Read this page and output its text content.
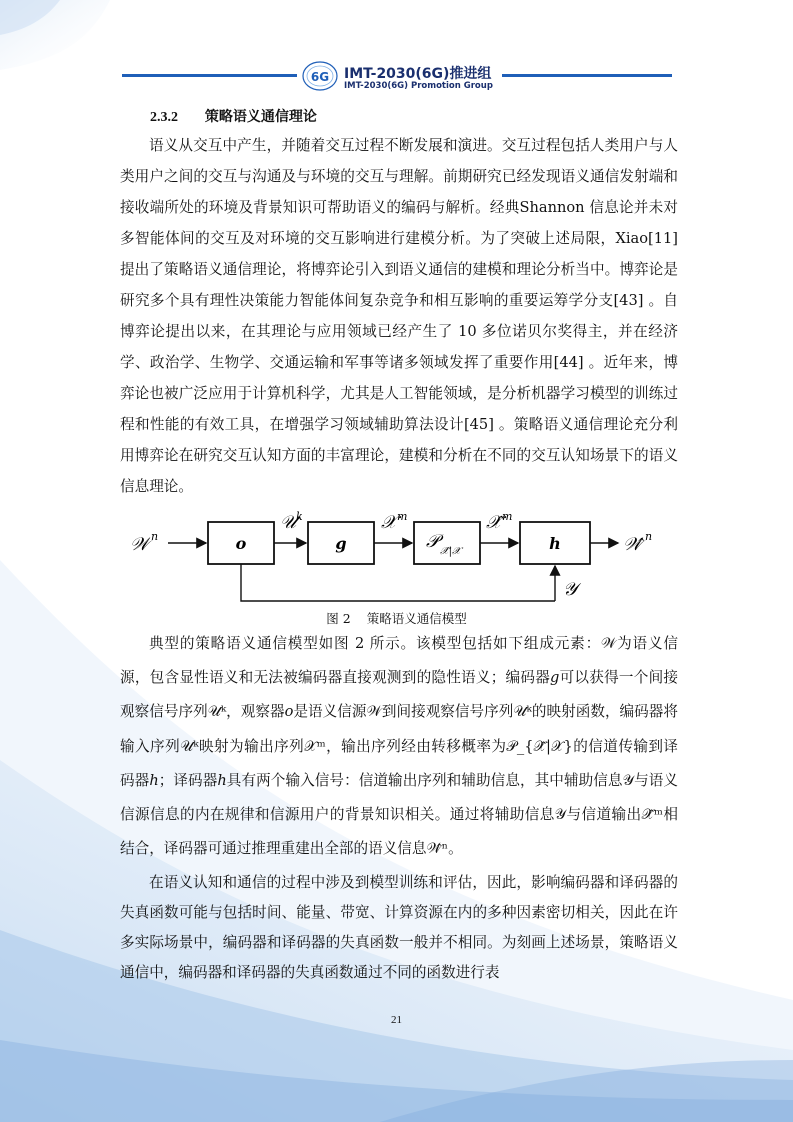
6G IMT-2030(6G)推进组
IMT-2030(6G) Promotion Group
2.3.2 策略语义通信理论

语义从交互中产生，并随着交互过程不断发展和演进。交互过程包括人类用户与人类用户之间的交互与沟通及与环境的交互与理解。前期研究已经发现语义通信发射端和接收端所处的环境及背景知识可帮助语义的编码与解析。经典Shannon 信息论并未对多智能体间的交互及对环境的交互影响进行建模分析。为了突破上述局限，Xiao[11] 提出了策略语义通信理论，将博弈论引入到语义通信的建模和理论分析当中。博弈论是研究多个具有理性决策能力智能体间复杂竞争和相互影响的重要运筹学分支[43] 。自博弈论提出以来，在其理论与应用领域已经产生了 10 多位诺贝尔奖得主，并在经济学、政治学、生物学、交通运输和军事等诸多领域发挥了重要作用[44] 。近年来，博弈论也被广泛应用于计算机科学，尤其是人工智能领域，是分析机器学习模型的训练过程和性能的有效工具，在增强学习领域辅助算法设计[45] 。策略语义通信理论充分利用博弈论在研究交互认知方面的丰富理论，建模和分析在不同的交互认知场景下的语义信息理论。

𝒲 n	o
𝒰 k
g
𝒳 m
𝒫 𝒳̂|𝒳
𝒳̂ m
h	𝒲̂ n
𝒴
图 2 策略语义通信模型

典型的策略语义通信模型如图 2 所示。该模型包括如下组成元素：𝒲为语义信源，包含显性语义和无法被编码器直接观测到的隐性语义；编码器𝑔可以获得一个间接观察信号序列𝒰ᵏ，观察器𝑜是语义信源𝒲到间接观察信号序列𝒰ᵏ的映射函数，编码器将输入序列𝒰ᵏ映射为输出序列𝒳ᵐ，输出序列经由转移概率为𝒫_{𝒳̂|𝒳}的信道传输到译码器ℎ；译码器ℎ具有两个输入信号：信道输出序列和辅助信息，其中辅助信息𝒴与语义信源信息的内在规律和信源用户的背景知识相关。通过将辅助信息𝒴与信道输出𝒳̂ᵐ相结合，译码器可通过推理重建出全部的语义信息𝒲̂ⁿ。

在语义认知和通信的过程中涉及到模型训练和评估，因此，影响编码器和译码器的失真函数可能与包括时间、能量、带宽、计算资源在内的多种因素密切相关，因此在许多实际场景中，编码器和译码器的失真函数一般并不相同。为刻画上述场景，策略语义通信中，编码器和译码器的失真函数通过不同的函数进行表

21
